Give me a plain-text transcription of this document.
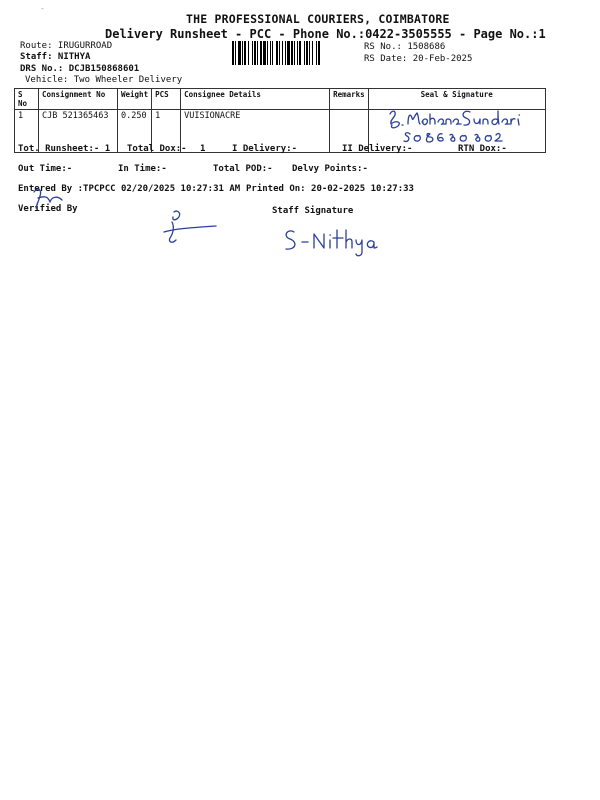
-
THE PROFESSIONAL COURIERS, COIMBATORE
Delivery Runsheet - PCC - Phone No.:0422-3505555 - Page No.:1
Route: IRUGURROAD
Staff: NITHYA
DRS No.: DCJB150868601
Vehicle: Two Wheeler Delivery
RS No.: 1508686
RS Date: 20-Feb-2025
S No	Consignment No	Weight	PCS	Consignee Details	Remarks	Seal & Signature
1	CJB 521365463	0.250	1	VUISIONACRE		
Tot. Runsheet:- 1 Total Dox:- 1	I Delivery:-	II Delivery:-	RTN Dox:-
Out Time:-	In Time:-	Total POD:- Delvy Points:-
Entered By :TPCPCC 02/20/2025 10:27:31 AM Printed On: 20-02-2025 10:27:33
Verified By	Staff Signature
